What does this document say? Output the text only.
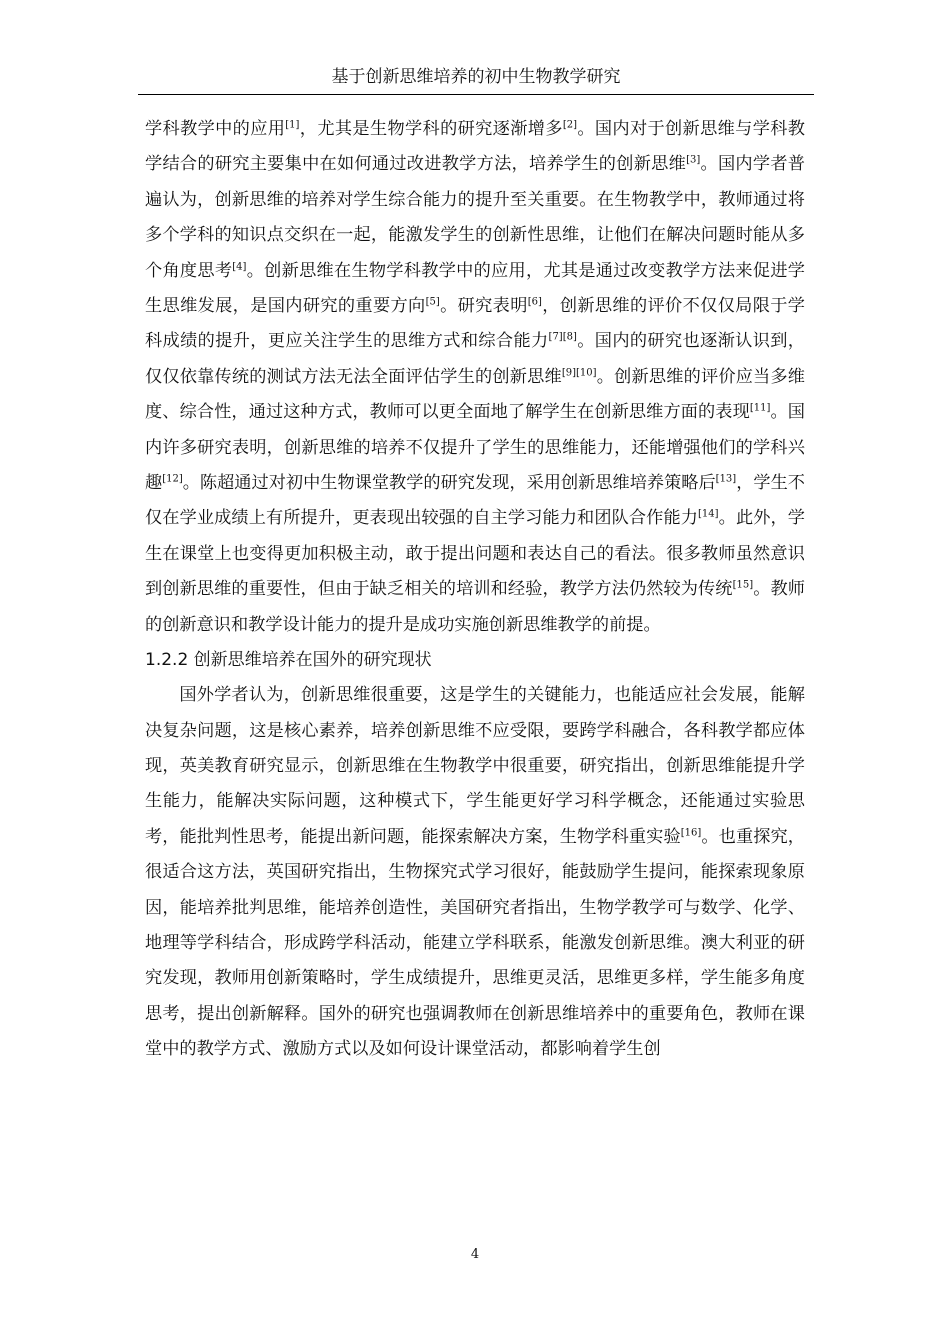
基于创新思维培养的初中生物教学研究

学科教学中的应用[1]，尤其是生物学科的研究逐渐增多[2]。国内对于创新思维与学科教学结合的研究主要集中在如何通过改进教学方法，培养学生的创新思维[3]。国内学者普遍认为，创新思维的培养对学生综合能力的提升至关重要。在生物教学中，教师通过将多个学科的知识点交织在一起，能激发学生的创新性思维，让他们在解决问题时能从多个角度思考[4]。创新思维在生物学科教学中的应用，尤其是通过改变教学方法来促进学生思维发展，是国内研究的重要方向[5]。研究表明[6]，创新思维的评价不仅仅局限于学科成绩的提升，更应关注学生的思维方式和综合能力[7][8]。国内的研究也逐渐认识到，仅仅依靠传统的测试方法无法全面评估学生的创新思维[9][10]。创新思维的评价应当多维度、综合性，通过这种方式，教师可以更全面地了解学生在创新思维方面的表现[11]。国内许多研究表明，创新思维的培养不仅提升了学生的思维能力，还能增强他们的学科兴趣[12]。陈超通过对初中生物课堂教学的研究发现，采用创新思维培养策略后[13]，学生不仅在学业成绩上有所提升，更表现出较强的自主学习能力和团队合作能力[14]。此外，学生在课堂上也变得更加积极主动，敢于提出问题和表达自己的看法。很多教师虽然意识到创新思维的重要性，但由于缺乏相关的培训和经验，教学方法仍然较为传统[15]。教师的创新意识和教学设计能力的提升是成功实施创新思维教学的前提。

1.2.2 创新思维培养在国外的研究现状

国外学者认为，创新思维很重要，这是学生的关键能力，也能适应社会发展，能解决复杂问题，这是核心素养，培养创新思维不应受限，要跨学科融合，各科教学都应体现，英美教育研究显示，创新思维在生物教学中很重要，研究指出，创新思维能提升学生能力，能解决实际问题，这种模式下，学生能更好学习科学概念，还能通过实验思考，能批判性思考，能提出新问题，能探索解决方案，生物学科重实验[16]。也重探究，很适合这方法，英国研究指出，生物探究式学习很好，能鼓励学生提问，能探索现象原因，能培养批判思维，能培养创造性，美国研究者指出，生物学教学可与数学、化学、地理等学科结合，形成跨学科活动，能建立学科联系，能激发创新思维。澳大利亚的研究发现，教师用创新策略时，学生成绩提升，思维更灵活，思维更多样，学生能多角度思考，提出创新解释。国外的研究也强调教师在创新思维培养中的重要角色，教师在课堂中的教学方式、激励方式以及如何设计课堂活动，都影响着学生创

4
